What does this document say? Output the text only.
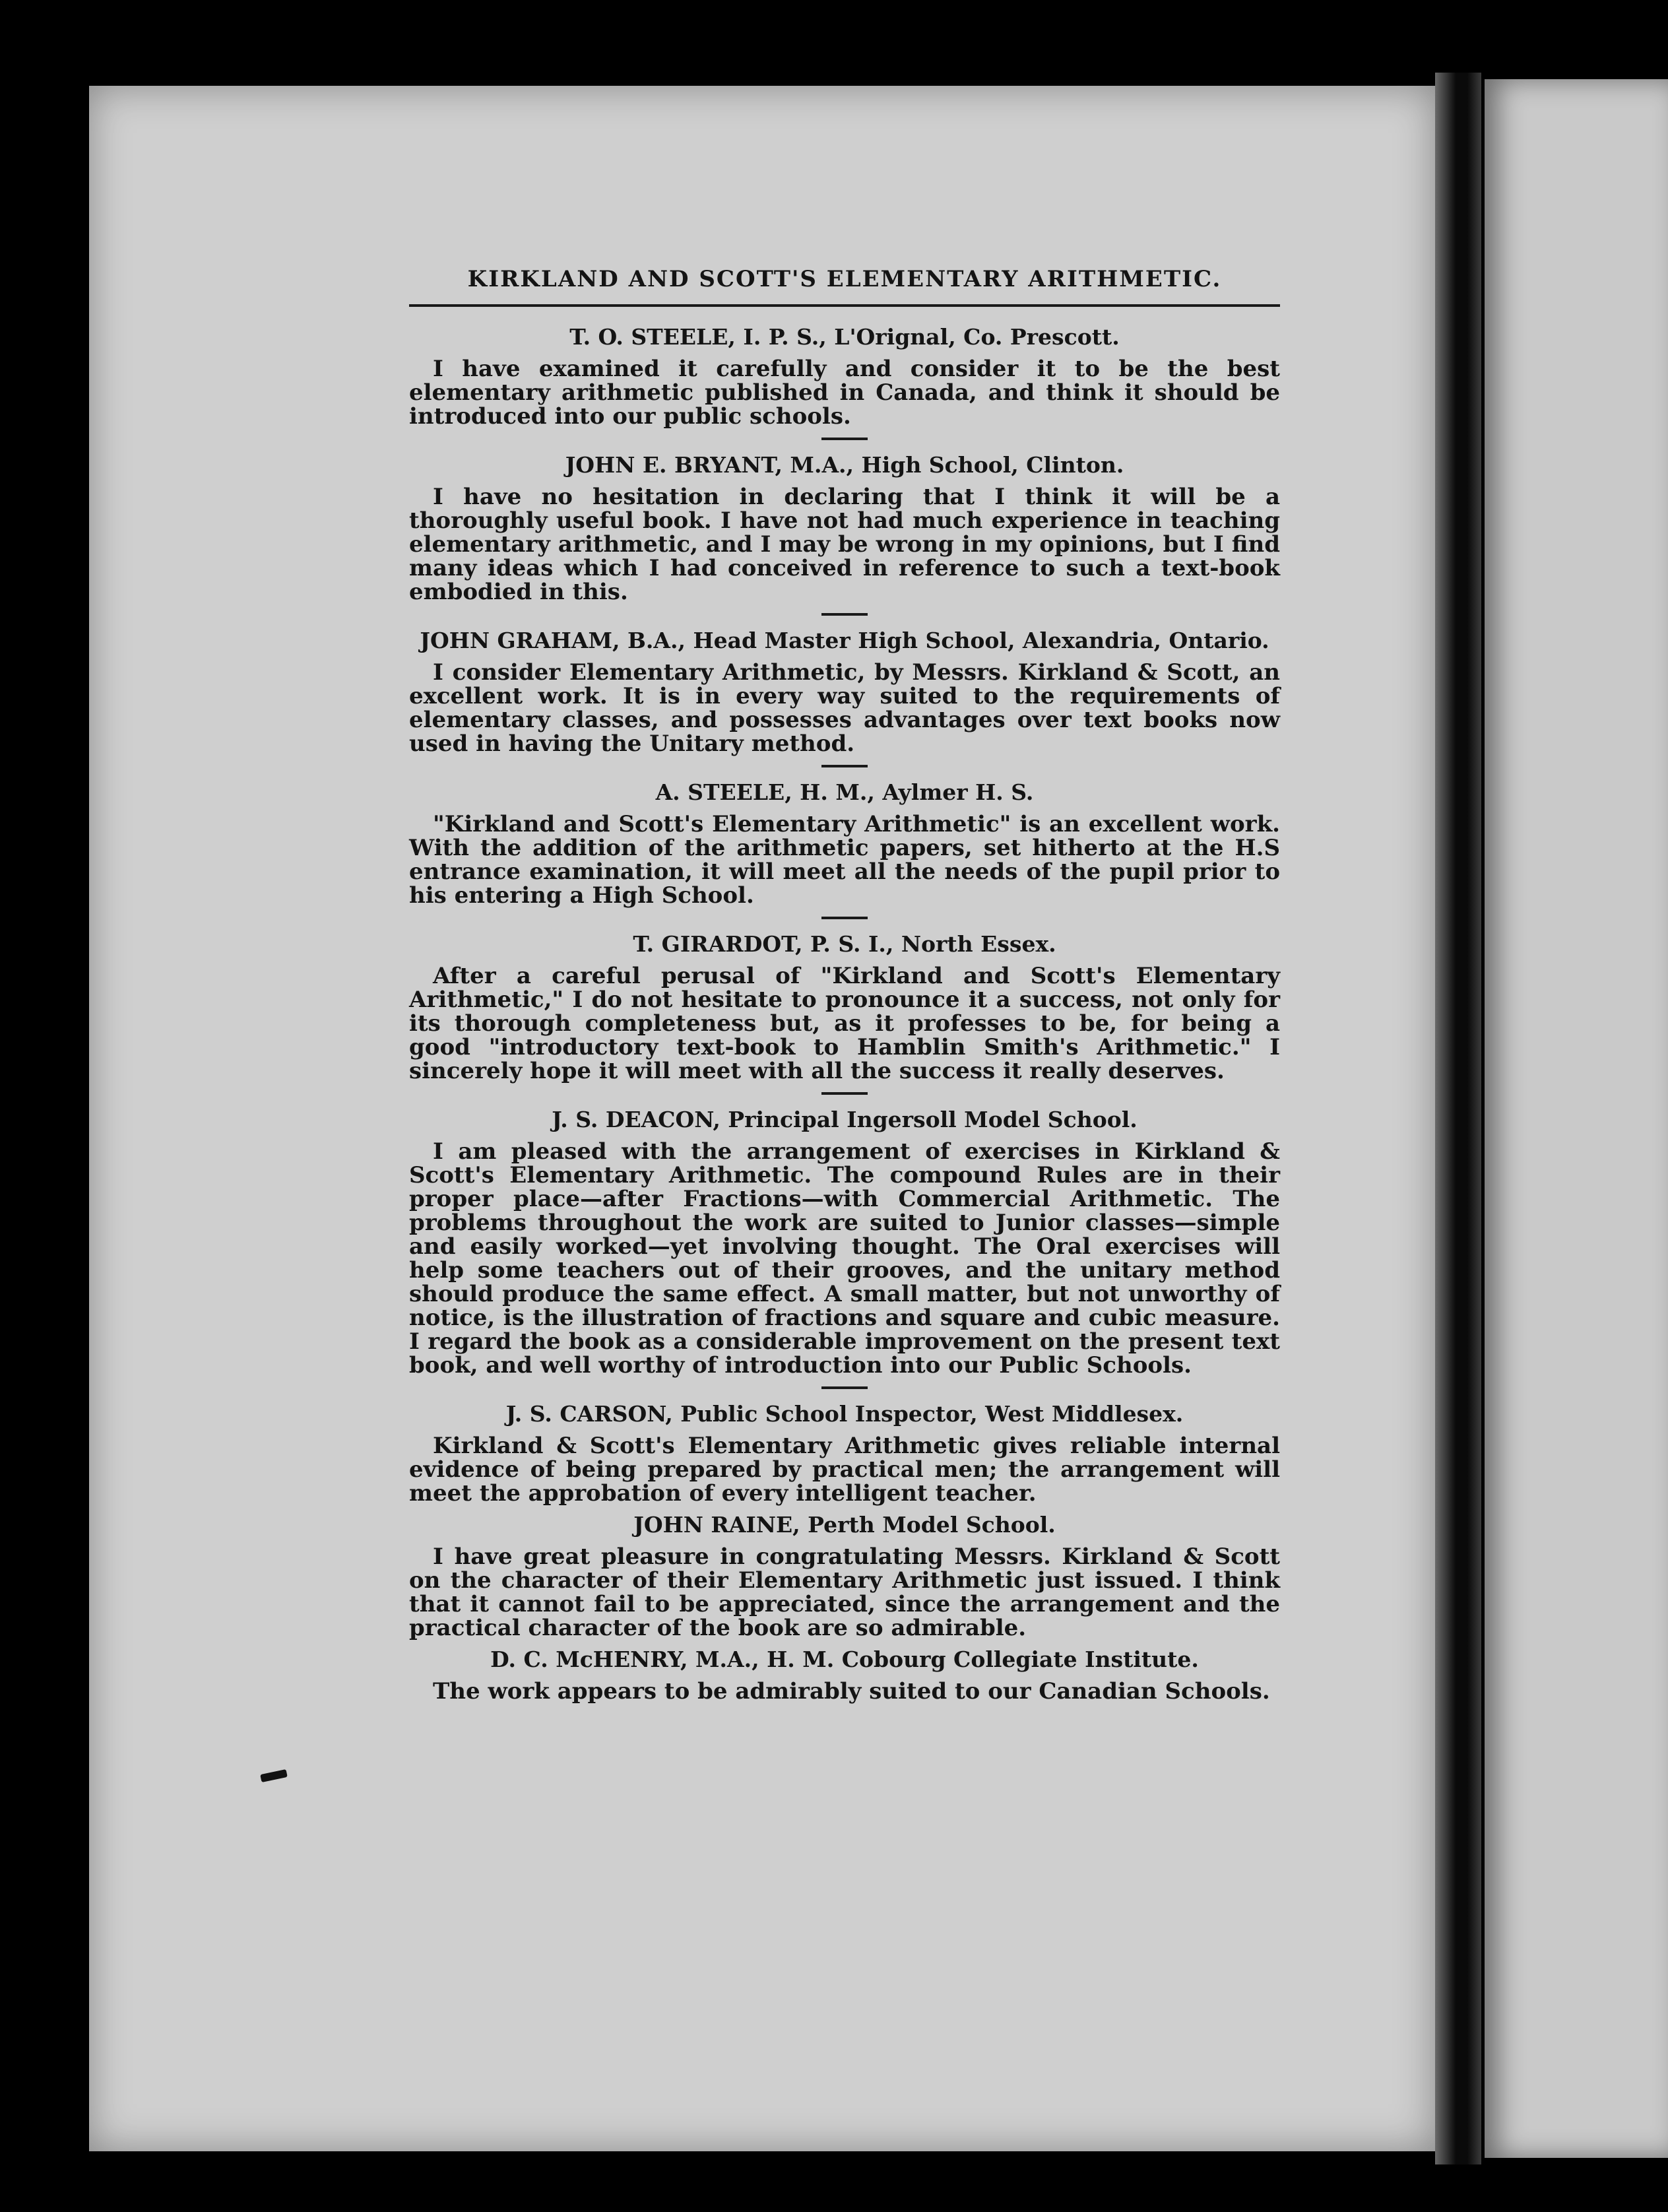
KIRKLAND AND SCOTT'S ELEMENTARY ARITHMETIC.
T. O. STEELE, I. P. S., L'Orignal, Co. Prescott.

I have examined it carefully and consider it to be the best elementary arithmetic published in Canada, and think it should be introduced into our public schools.

JOHN E. BRYANT, M.A., High School, Clinton.

I have no hesitation in declaring that I think it will be a thoroughly useful book. I have not had much experience in teaching elementary arithmetic, and I may be wrong in my opinions, but I find many ideas which I had conceived in reference to such a text-book embodied in this.

JOHN GRAHAM, B.A., Head Master High School, Alexandria, Ontario.

I consider Elementary Arithmetic, by Messrs. Kirkland & Scott, an excellent work. It is in every way suited to the requirements of elementary classes, and possesses advantages over text books now used in having the Unitary method.

A. STEELE, H. M., Aylmer H. S.

"Kirkland and Scott's Elementary Arithmetic" is an excellent work. With the addition of the arithmetic papers, set hitherto at the H.S entrance examination, it will meet all the needs of the pupil prior to his entering a High School.

T. GIRARDOT, P. S. I., North Essex.

After a careful perusal of "Kirkland and Scott's Elementary Arithmetic," I do not hesitate to pronounce it a success, not only for its thorough completeness but, as it professes to be, for being a good "introductory text-book to Hamblin Smith's Arithmetic." I sincerely hope it will meet with all the success it really deserves.

J. S. DEACON, Principal Ingersoll Model School.

I am pleased with the arrangement of exercises in Kirkland & Scott's Elementary Arithmetic. The compound Rules are in their proper place—after Fractions—with Commercial Arithmetic. The problems throughout the work are suited to Junior classes—simple and easily worked—yet involving thought. The Oral exercises will help some teachers out of their grooves, and the unitary method should produce the same effect. A small matter, but not unworthy of notice, is the illustration of fractions and square and cubic measure. I regard the book as a considerable improvement on the present text book, and well worthy of introduction into our Public Schools.

J. S. CARSON, Public School Inspector, West Middlesex.

Kirkland & Scott's Elementary Arithmetic gives reliable internal evidence of being prepared by practical men; the arrangement will meet the approbation of every intelligent teacher.

JOHN RAINE, Perth Model School.

I have great pleasure in congratulating Messrs. Kirkland & Scott on the character of their Elementary Arithmetic just issued. I think that it cannot fail to be appreciated, since the arrangement and the practical character of the book are so admirable.

D. C. McHENRY, M.A., H. M. Cobourg Collegiate Institute.

The work appears to be admirably suited to our Canadian Schools.
